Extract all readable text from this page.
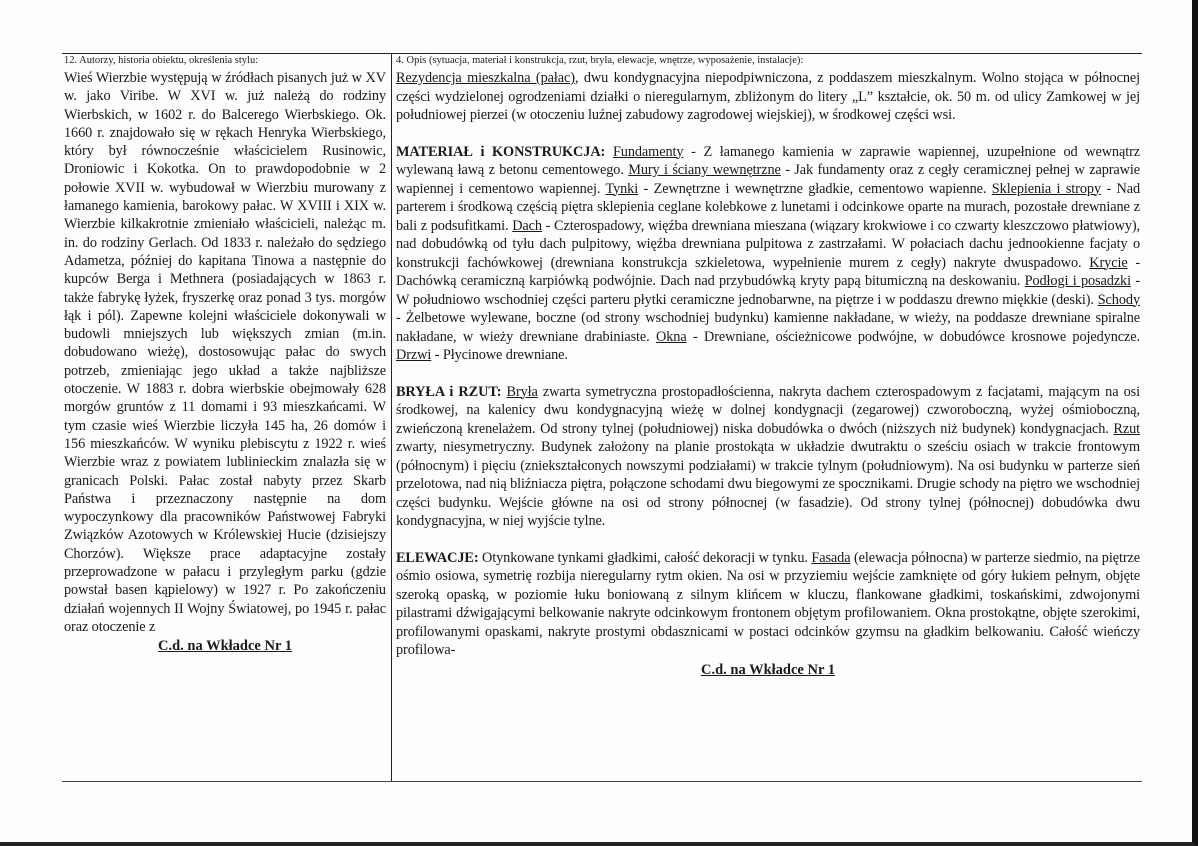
12. Autorzy, historia obiektu, określenia stylu:
Wieś Wierzbie występują w źródłach pisanych już w XV w. jako Viribe. W XVI w. już należą do rodziny Wierbskich, w 1602 r. do Balcerego Wierbskiego. Ok. 1660 r. znajdowało się w rękach Henryka Wierbskiego, który był równocześnie właścicielem Rusinowic, Droniowic i Kokotka. On to prawdopodobnie w 2 połowie XVII w. wybudował w Wierzbiu murowany z łamanego kamienia, barokowy pałac. W XVIII i XIX w. Wierzbie kilkakrotnie zmieniało właścicieli, należąc m. in. do rodziny Gerlach. Od 1833 r. należało do sędziego Adametza, później do kapitana Tinowa a następnie do kupców Berga i Methnera (posiadających w 1863 r. także fabrykę łyżek, fryszerkę oraz ponad 3 tys. morgów łąk i pól). Zapewne kolejni właściciele dokonywali w budowli mniejszych lub większych zmian (m.in. dobudowano wieżę), dostosowując pałac do swych potrzeb, zmieniając jego układ a także najbliższe otoczenie. W 1883 r. dobra wierbskie obejmowały 628 morgów gruntów z 11 domami i 93 mieszkańcami. W tym czasie wieś Wierzbie liczyła 145 ha, 26 domów i 156 mieszkańców. W wyniku plebiscytu z 1922 r. wieś Wierzbie wraz z powiatem lublinieckim znalazła się w granicach Polski. Pałac został nabyty przez Skarb Państwa i przeznaczony następnie na dom wypoczynkowy dla pracowników Państwowej Fabryki Związków Azotowych w Królewskiej Hucie (dzisiejszy Chorzów). Większe prace adaptacyjne zostały przeprowadzone w pałacu i przyległym parku (gdzie powstał basen kąpielowy) w 1927 r. Po zakończeniu działań wojennych II Wojny Światowej, po 1945 r. pałac oraz otoczenie z
C.d. na Wkładce Nr 1
4. Opis (sytuacja, materiał i konstrukcja, rzut, bryła, elewacje, wnętrze, wyposażenie, instalacje):
Rezydencja mieszkalna (pałac), dwu kondygnacyjna niepodpiwniczona, z poddaszem mieszkalnym. Wolno stojąca w północnej części wydzielonej ogrodzeniami działki o nieregularnym, zbliżonym do litery „L” kształcie, ok. 50 m. od ulicy Zamkowej w jej południowej pierzei (w otoczeniu luźnej zabudowy zagrodowej wiejskiej), w środkowej części wsi.
MATERIAŁ i KONSTRUKCJA: Fundamenty - Z łamanego kamienia w zaprawie wapiennej, uzupełnione od wewnątrz wylewaną ławą z betonu cementowego. Mury i ściany wewnętrzne - Jak fundamenty oraz z cegły ceramicznej pełnej w zaprawie wapiennej i cementowo wapiennej. Tynki - Zewnętrzne i wewnętrzne gładkie, cementowo wapienne. Sklepienia i stropy - Nad parterem i środkową częścią piętra sklepienia ceglane kolebkowe z lunetami i odcinkowe oparte na murach, pozostałe drewniane z bali z podsufitkami. Dach - Czterospadowy, więźba drewniana mieszana (wiązary krokwiowe i co czwarty kleszczowo płatwiowy), nad dobudówką od tyłu dach pulpitowy, więźba drewniana pulpitowa z zastrzałami. W połaciach dachu jednookienne facjaty o konstrukcji fachówkowej (drewniana konstrukcja szkieletowa, wypełnienie murem z cegły) nakryte dwuspadowo. Krycie - Dachówką ceramiczną karpiówką podwójnie. Dach nad przybudówką kryty papą bitumiczną na deskowaniu. Podłogi i posadzki - W południowo wschodniej części parteru płytki ceramiczne jednobarwne, na piętrze i w poddaszu drewno miękkie (deski). Schody - Żelbetowe wylewane, boczne (od strony wschodniej budynku) kamienne nakładane, w wieży, na poddasze drewniane spiralne nakładane, w wieży drewniane drabiniaste. Okna - Drewniane, ościeżnicowe podwójne, w dobudówce krosnowe pojedyncze. Drzwi - Płycinowe drewniane.
BRYŁA i RZUT: Bryła zwarta symetryczna prostopadłościenna, nakryta dachem czterospadowym z facjatami, mającym na osi środkowej, na kalenicy dwu kondygnacyjną wieżę w dolnej kondygnacji (zegarowej) czworoboczną, wyżej ośmioboczną, zwieńczoną krenelażem. Od strony tylnej (południowej) niska dobudówka o dwóch (niższych niż budynek) kondygnacjach. Rzut zwarty, niesymetryczny. Budynek założony na planie prostokąta w układzie dwutraktu o sześciu osiach w trakcie frontowym (północnym) i pięciu (zniekształconych nowszymi podziałami) w trakcie tylnym (południowym). Na osi budynku w parterze sień przelotowa, nad nią bliźniacza piętra, połączone schodami dwu biegowymi ze spocznikami. Drugie schody na piętro we wschodniej części budynku. Wejście główne na osi od strony północnej (w fasadzie). Od strony tylnej (północnej) dobudówka dwu kondygnacyjna, w niej wyjście tylne.
ELEWACJE: Otynkowane tynkami gładkimi, całość dekoracji w tynku. Fasada (elewacja północna) w parterze siedmio, na piętrze ośmio osiowa, symetrię rozbija nieregularny rytm okien. Na osi w przyziemiu wejście zamknięte od góry łukiem pełnym, objęte szeroką opaską, w poziomie łuku boniowaną z silnym klińcem w kluczu, flankowane gładkimi, toskańskimi, zdwojonymi pilastrami dźwigającymi belkowanie nakryte odcinkowym frontonem objętym profilowaniem. Okna prostokątne, objęte szerokimi, profilowanymi opaskami, nakryte prostymi obdasznicami w postaci odcinków gzymsu na gładkim belkowaniu. Całość wieńczy profilowa-
C.d. na Wkładce Nr 1
